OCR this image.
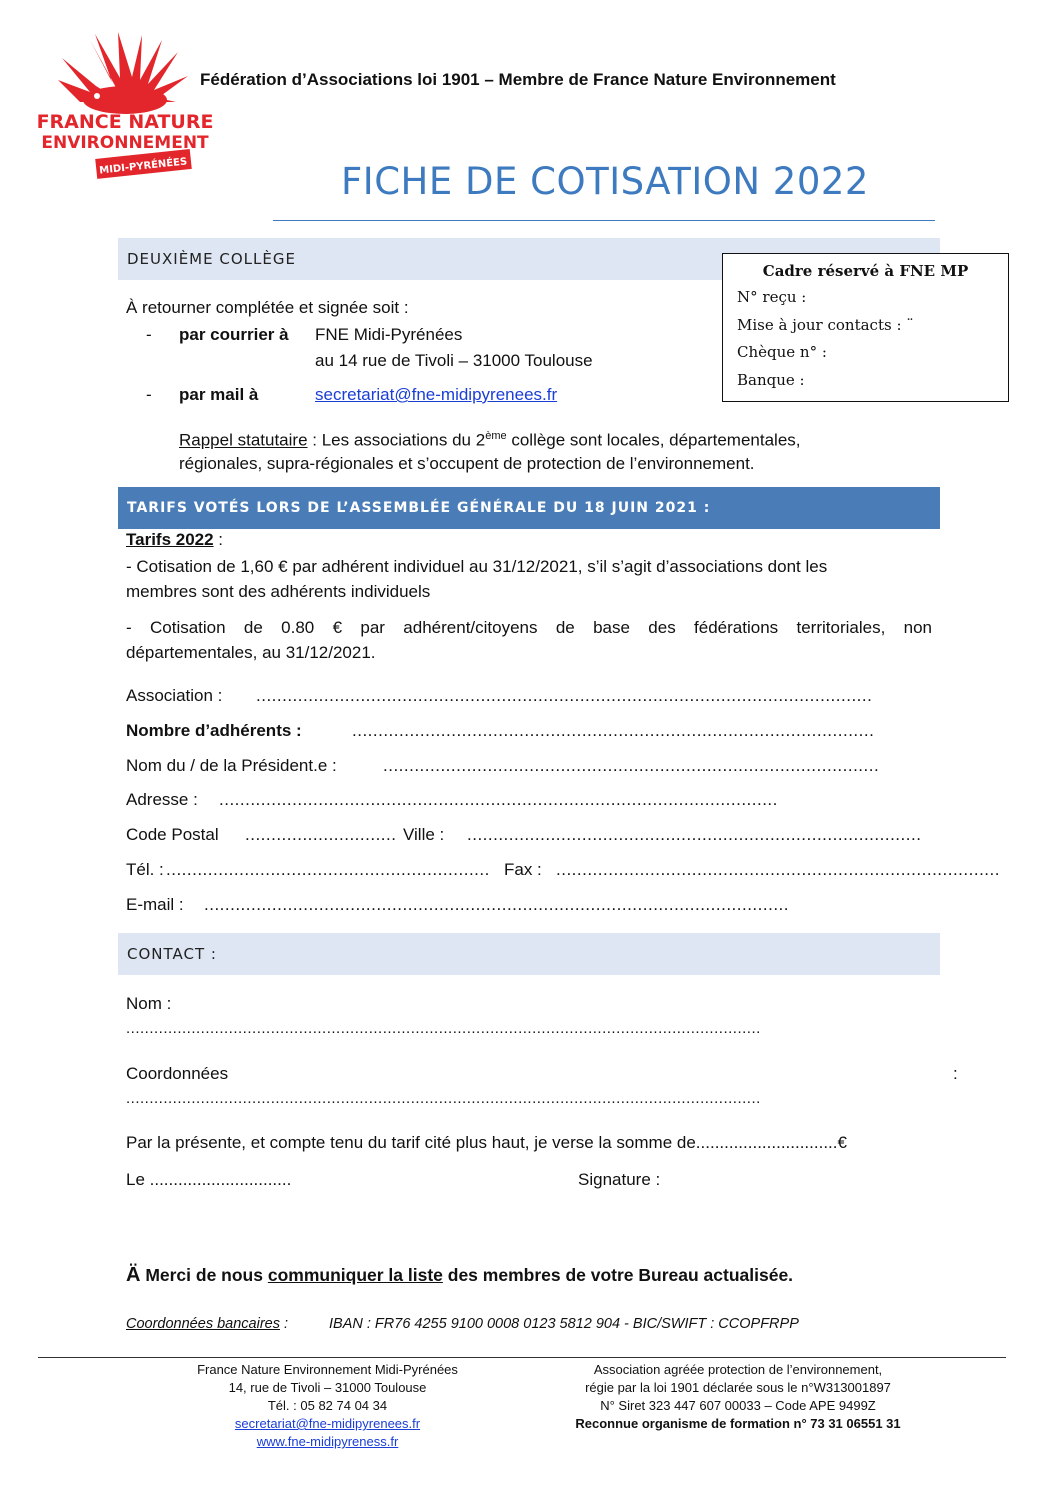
FRANCE NATURE
ENVIRONNEMENT
MIDI-PYRÉNÉES
Fédération d’Associations loi 1901 – Membre de France Nature Environnement
FICHE DE COTISATION 2022
DEUXIÈME COLLÈGE
Cadre réservé à FNE MP
N° reçu :
Mise à jour contacts : ¨
Chèque n° :
Banque :
À retourner complétée et signée soit :
- par courrier à FNE Midi-Pyrénées
au 14 rue de Tivoli – 31000 Toulouse
- par mail à	secretariat@fne-midipyrenees.fr
Rappel statutaire : Les associations du 2ème collège sont locales, départementales,
régionales, supra-régionales et s’occupent de protection de l’environnement.
TARIFS VOTÉS LORS DE L’ASSEMBLÉE GÉNÉRALE DU 18 JUIN 2021 :
Tarifs 2022 :
- Cotisation de 1,60 € par adhérent individuel au 31/12/2021, s’il s’agit d’associations dont les
membres sont des adhérents individuels
- Cotisation de 0.80 € par adhérent/citoyens de base des fédérations territoriales, non
départementales, au 31/12/2021.
Association : ......................................................................................................................
Nombre d’adhérents :	....................................................................................................
Nom du / de la Président.e :	...............................................................................................
Adresse : ...........................................................................................................
Code Postal ............................. Ville : .......................................................................................
Tél. : .............................................................. Fax : .....................................................................................
E-mail : ................................................................................................................
CONTACT :
Nom :
........................................................................................................................................
Coordonnées	:
........................................................................................................................................
Par la présente, et compte tenu du tarif cité plus haut, je verse la somme de..............................€
Le ..............................	Signature :
Ä Merci de nous communiquer la liste des membres de votre Bureau actualisée.
Coordonnées bancaires :	IBAN : FR76 4255 9100 0008 0123 5812 904 - BIC/SWIFT : CCOPFRPP
France Nature Environnement Midi-Pyrénées
14, rue de Tivoli – 31000 Toulouse
Tél. : 05 82 74 04 34
secretariat@fne-midipyrenees.fr
www.fne-midipyreness.fr
Association agréée protection de l’environnement,
régie par la loi 1901 déclarée sous le n°W313001897
N° Siret 323 447 607 00033 – Code APE 9499Z
Reconnue organisme de formation n° 73 31 06551 31
